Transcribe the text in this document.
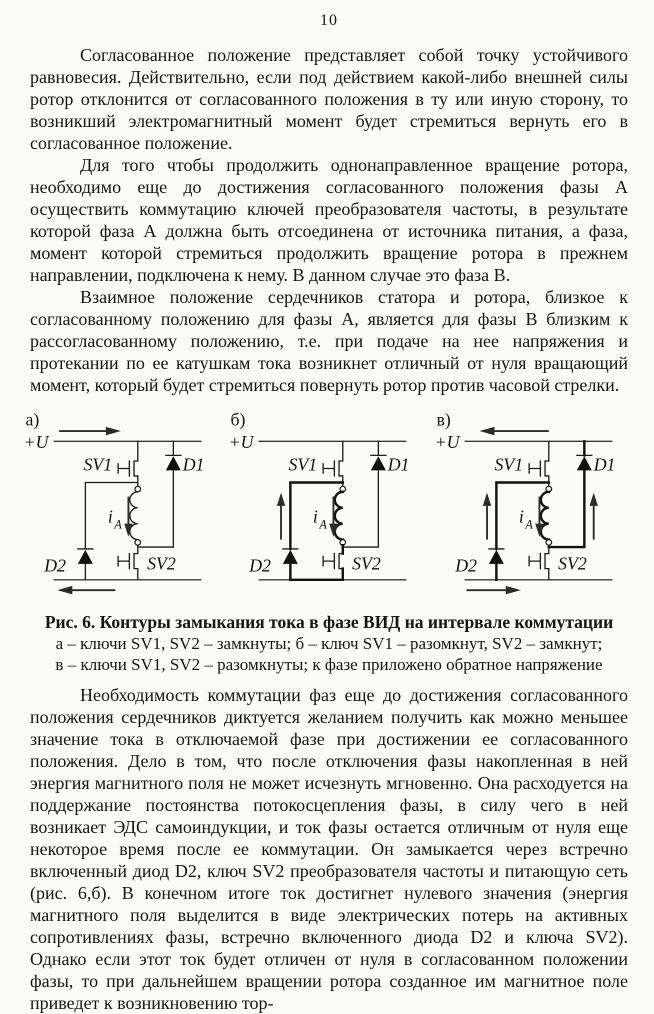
10

Согласованное положение представляет собой точку устойчивого равновесия. Действительно, если под действием какой-либо внешней силы ротор отклонится от согласованного положения в ту или иную сторону, то возникший электромагнитный момент будет стремиться вернуть его в согласованное положение.

Для того чтобы продолжить однонаправленное вращение ротора, необходимо еще до достижения согласованного положения фазы А осуществить коммутацию ключей преобразователя частоты, в результате которой фаза А должна быть отсоединена от источника питания, а фаза, момент которой стремиться продолжить вращение ротора в прежнем направлении, подключена к нему. В данном случае это фаза В.

Взаимное положение сердечников статора и ротора, близкое к согласованному положению для фазы А, является для фазы В близким к рассогласованному положению, т.е. при подаче на нее напряжения и протекании по ее катушкам тока возникнет отличный от нуля вращающий момент, который будет стремиться повернуть ротор против часовой стрелки.

а)
+U
SV1
i A
SV2
D1
D2
б)
+U
SV1
i A
SV2
D1
D2
в)
+U
SV1
i A
SV2
D1
D2
Рис. 6. Контуры замыкания тока в фазе ВИД на интервале коммутации
а – ключи SV1, SV2 – замкнуты; б – ключ SV1 – разомкнут, SV2 – замкнут;
в – ключи SV1, SV2 – разомкнуты; к фазе приложено обратное напряжение

Необходимость коммутации фаз еще до достижения согласованного положения сердечников диктуется желанием получить как можно меньшее значение тока в отключаемой фазе при достижении ее согласованного положения. Дело в том, что после отключения фазы накопленная в ней энергия магнитного поля не может исчезнуть мгновенно. Она расходуется на поддержание постоянства потокосцепления фазы, в силу чего в ней возникает ЭДС самоиндукции, и ток фазы остается отличным от нуля еще некоторое время после ее коммутации. Он замыкается через встречно включенный диод D2, ключ SV2 преобразователя частоты и питающую сеть (рис. 6,б). В конечном итоге ток достигнет нулевого значения (энергия магнитного поля выделится в виде электрических потерь на активных сопротивлениях фазы, встречно включенного диода D2 и ключа SV2). Однако если этот ток будет отличен от нуля в согласованном положении фазы, то при дальнейшем вращении ротора созданное им магнитное поле приведет к возникновению тор-
